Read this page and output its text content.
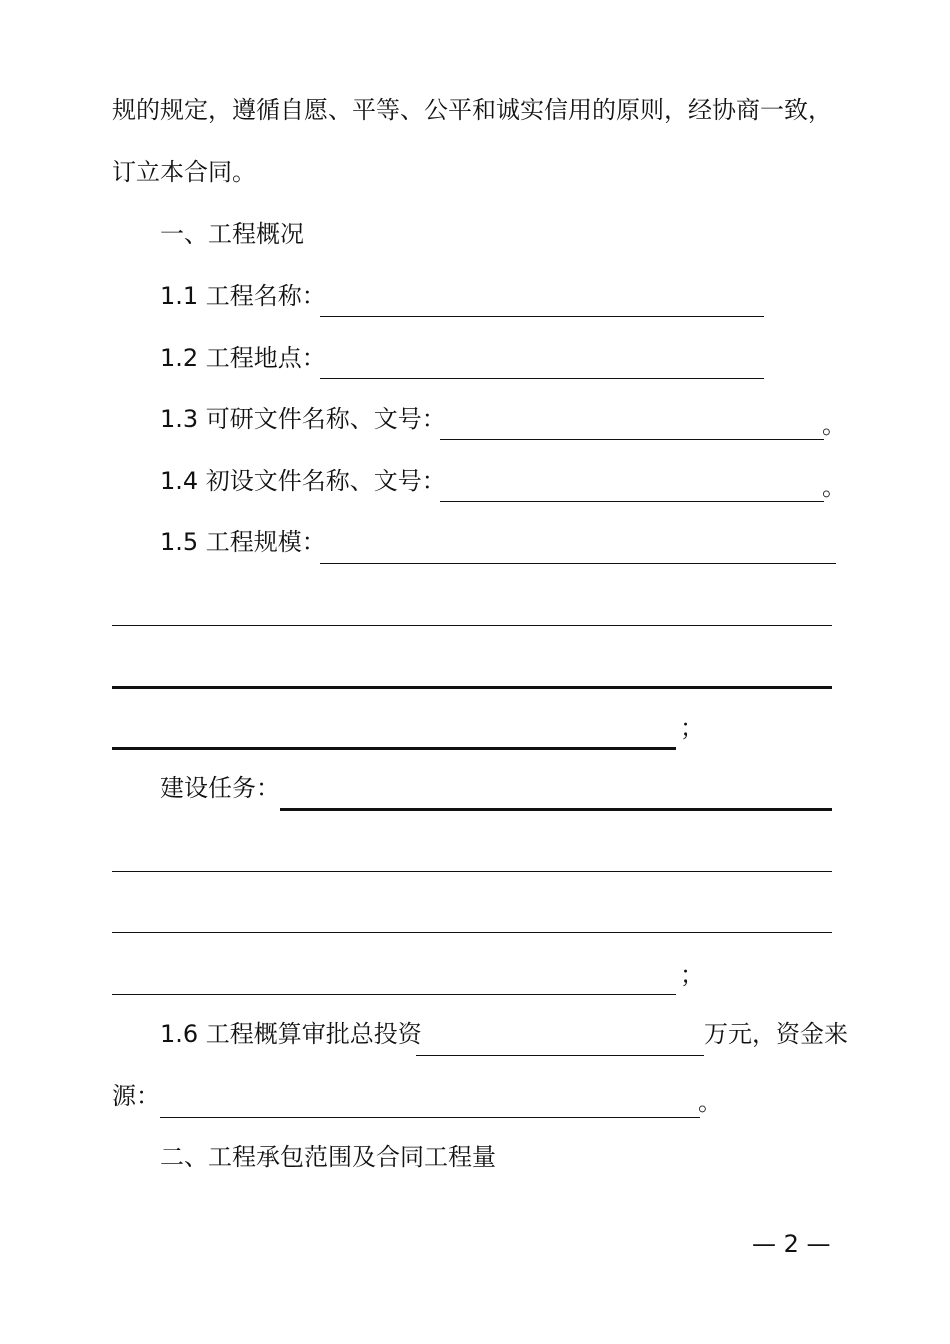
规的规定，遵循自愿、平等、公平和诚实信用的原则，经协商一致，
订立本合同。
一、工程概况
1.1 工程名称：
1.2 工程地点：
1.3 可研文件名称、文号：	。
1.4 初设文件名称、文号：	。
1.5 工程规模：
；
建设任务：
；
1.6 工程概算审批总投资	万元，资金来
源：	。
二、工程承包范围及合同工程量
— 2 —
